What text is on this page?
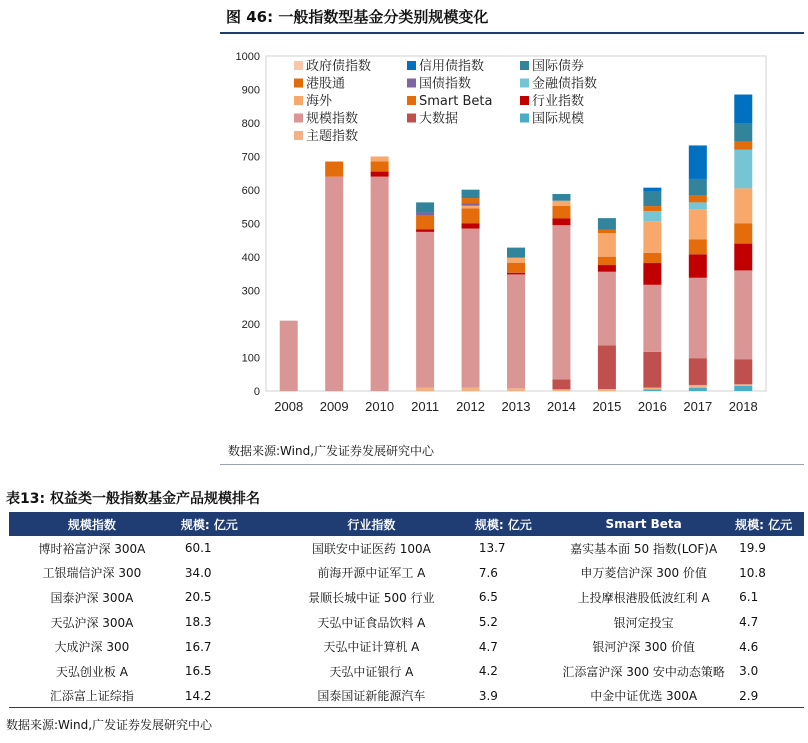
图 46: 一般指数型基金分类别规模变化
0
100
200
300
400
500
600
700
800
900
1000
2008 2009 2010 2011 2012 2013 2014 2015 2016 2017 2018
政府债指数	信用债指数	国际债券
港股通	国债指数	金融债指数
海外	Smart Beta	行业指数
规模指数	大数据	国际规模
主题指数
数据来源:Wind,广发证券发展研究中心
表13: 权益类一般指数基金产品规模排名
规模指数	规模: 亿元	行业指数	规模: 亿元	Smart Beta	规模: 亿元
博时裕富沪深 300A	60.1	国联安中证医药 100A	13.7	嘉实基本面 50 指数(LOF)A	19.9
工银瑞信沪深 300	34.0	前海开源中证军工 A	7.6	申万菱信沪深 300 价值	10.8
国泰沪深 300A	20.5	景顺长城中证 500 行业	6.5	上投摩根港股低波红利 A	6.1
天弘沪深 300A	18.3	天弘中证食品饮料 A	5.2	银河定投宝	4.7
大成沪深 300	16.7	天弘中证计算机 A	4.7	银河沪深 300 价值	4.6
天弘创业板 A	16.5	天弘中证银行 A	4.2	汇添富沪深 300 安中动态策略	3.0
汇添富上证综指	14.2	国泰国证新能源汽车	3.9	中金中证优选 300A	2.9
数据来源:Wind,广发证券发展研究中心
